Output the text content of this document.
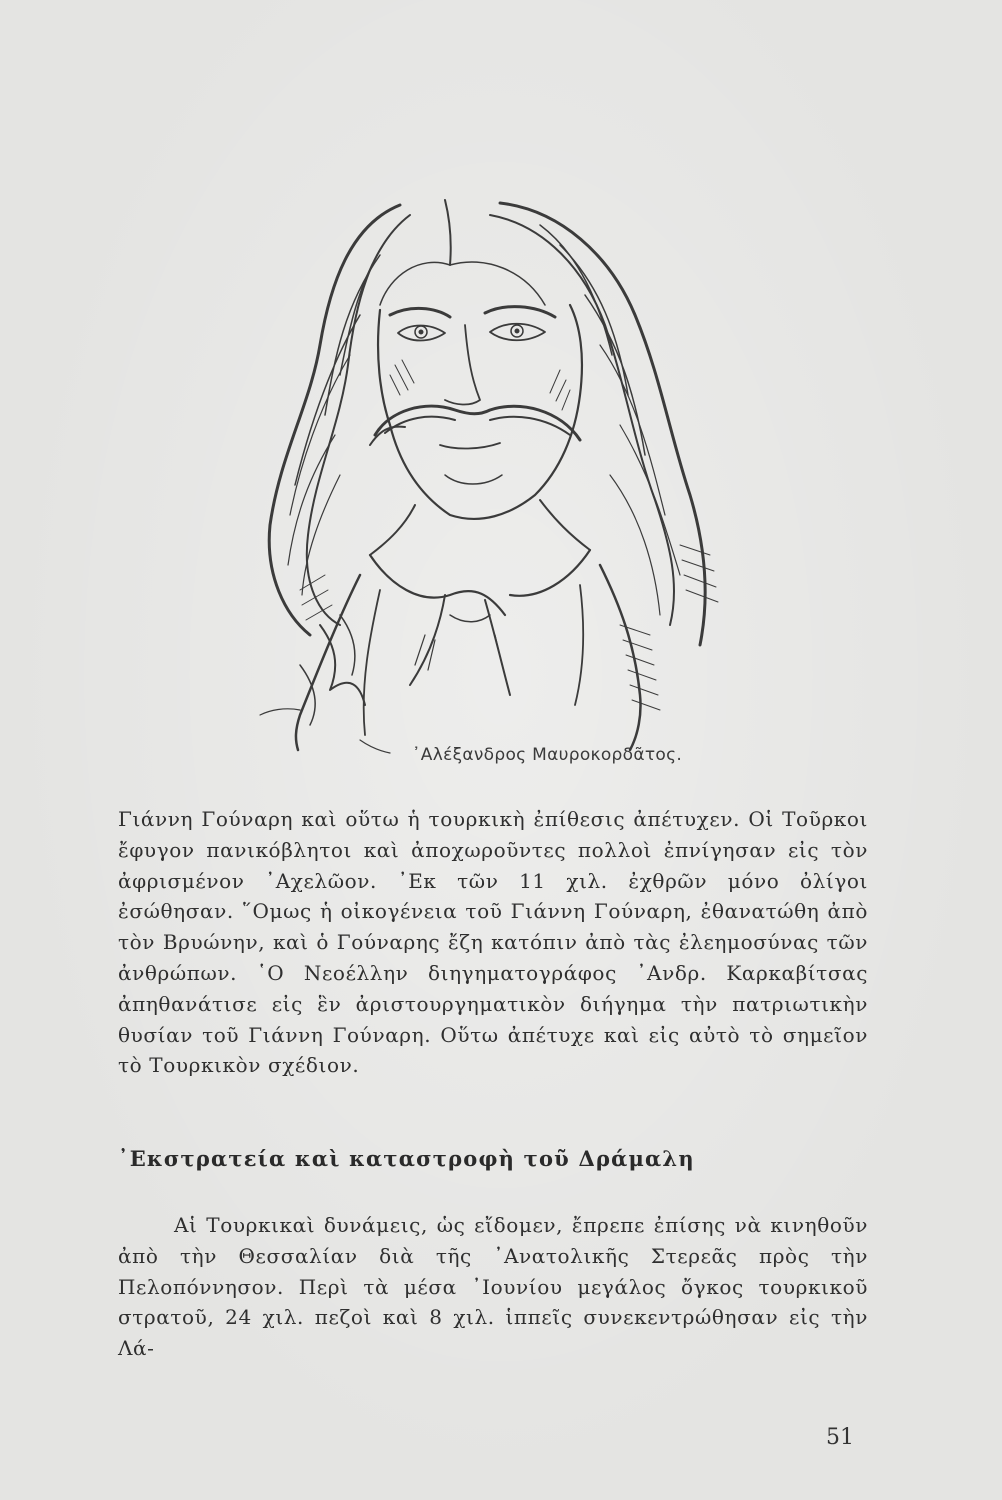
᾿Αλέξανδρος Μαυροκορδᾶτος.

Γιάννη Γούναρη καὶ οὕτω ἡ τουρκικὴ ἐπίθεσις ἀπέτυχεν. Οἱ Τοῦρκοι ἔφυγον πανικόβλητοι καὶ ἀποχωροῦντες πολλοὶ ἐπνίγησαν εἰς τὸν ἀφρισμένον ᾿Αχελῶον. ᾿Εκ τῶν 11 χιλ. ἐχθρῶν μόνο ὀλίγοι ἐσώθησαν. ῞Ομως ἡ οἰκογένεια τοῦ Γιάννη Γούναρη, ἐθανατώθη ἀπὸ τὸν Βρυώνην, καὶ ὁ Γούναρης ἔζη κατόπιν ἀπὸ τὰς ἐλεημοσύνας τῶν ἀνθρώπων. ῾Ο Νεοέλλην διηγηματογράφος ᾿Ανδρ. Καρκαβίτσας ἀπηθανάτισε εἰς ἓν ἀριστουργηματικὸν διήγημα τὴν πατριωτικὴν θυσίαν τοῦ Γιάννη Γούναρη. Οὕτω ἀπέτυχε καὶ εἰς αὐτὸ τὸ σημεῖον τὸ Τουρκικὸν σχέδιον.

᾿Εκστρατεία καὶ καταστροφὴ τοῦ Δράμαλη

Αἱ Τουρκικαὶ δυνάμεις, ὡς εἴδομεν, ἔπρεπε ἐπίσης νὰ κινηθοῦν ἀπὸ τὴν Θεσσαλίαν διὰ τῆς ᾿Ανατολικῆς Στερεᾶς πρὸς τὴν Πελοπόννησον. Περὶ τὰ μέσα ᾿Ιουνίου μεγάλος ὄγκος τουρκικοῦ στρατοῦ, 24 χιλ. πεζοὶ καὶ 8 χιλ. ἱππεῖς συνεκεντρώθησαν εἰς τὴν Λά-

51
